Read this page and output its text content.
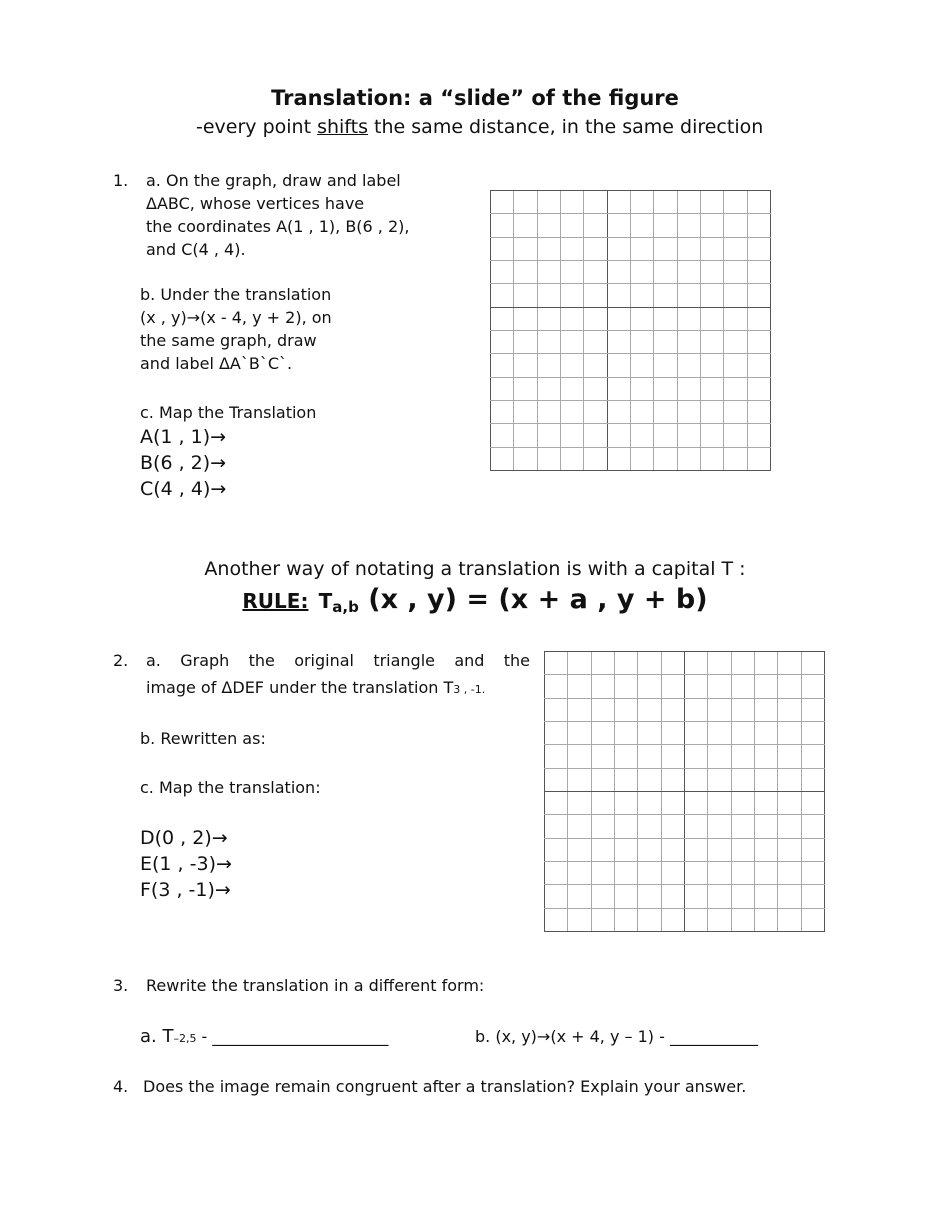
Translation: a “slide” of the figure
-every point shifts the same distance, in the same direction
1. a. On the graph, draw and label
ΔABC, whose vertices have
the coordinates A(1 , 1), B(6 , 2),
and C(4 , 4).
b. Under the translation
(x , y)→(x - 4, y + 2), on
the same graph, draw
and label ΔA`B`C`.
c. Map the Translation
A(1 , 1)→
B(6 , 2)→
C(4 , 4)→
Another way of notating a translation is with a capital T :
RULE: Ta,b (x , y) = (x + a , y + b)
2. a. Graph the original triangle and the
image of ΔDEF under the translation T3 , -1.
b. Rewritten as:
c. Map the translation:
D(0 , 2)→
E(1 , -3)→
F(3 , -1)→
3. Rewrite the translation in a different form:
a. T–2,5 - ______________________	b. (x, y)→(x + 4, y – 1) - ___________
4. Does the image remain congruent after a translation? Explain your answer.
